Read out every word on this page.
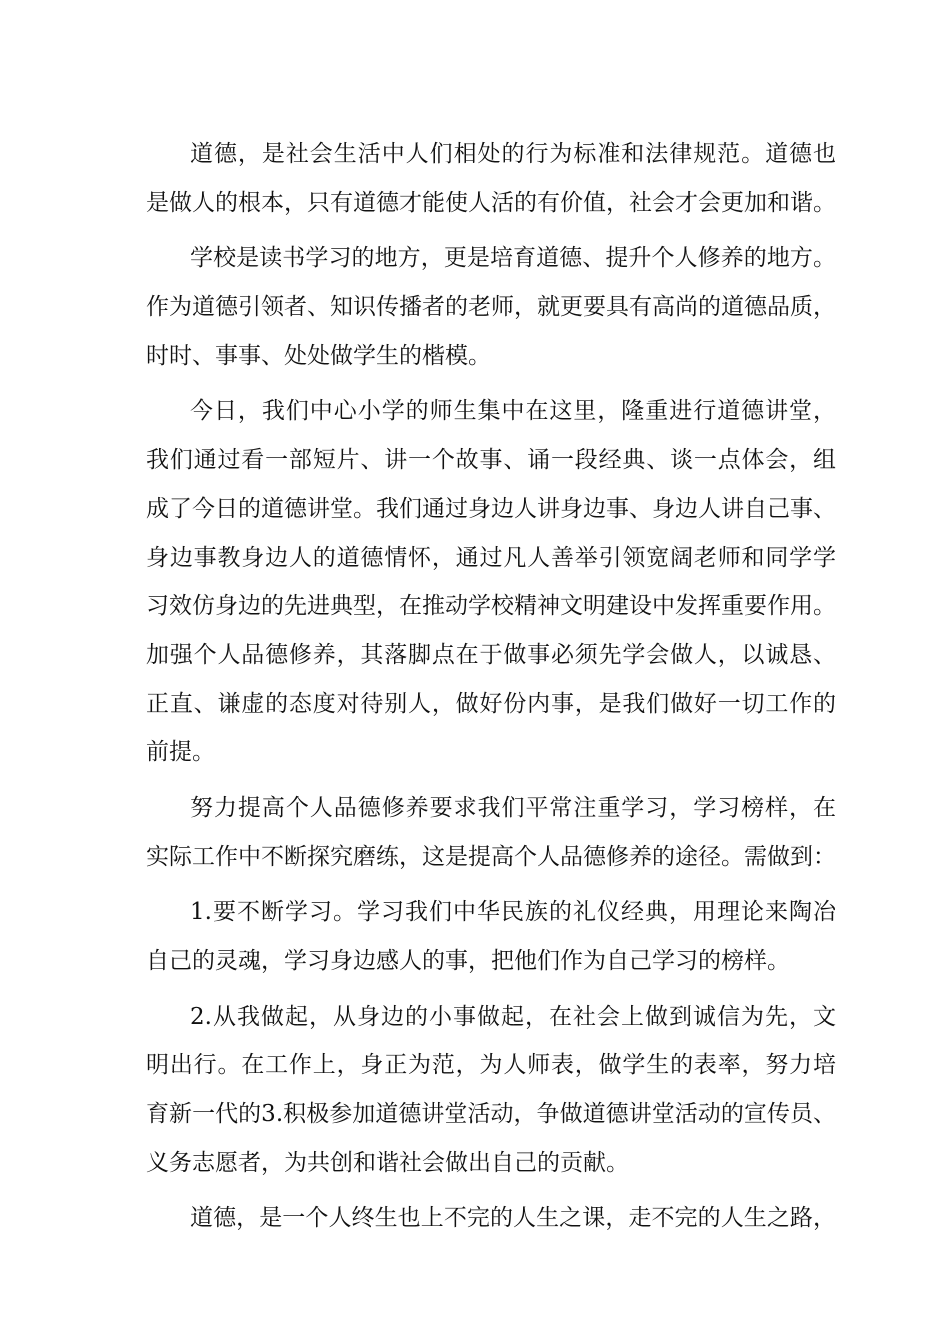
道德，是社会生活中人们相处的行为标准和法律规范。道德也
是做人的根本，只有道德才能使人活的有价值，社会才会更加和谐。
学校是读书学习的地方，更是培育道德、提升个人修养的地方。
作为道德引领者、知识传播者的老师，就更要具有高尚的道德品质，
时时、事事、处处做学生的楷模。
今日，我们中心小学的师生集中在这里，隆重进行道德讲堂，
我们通过看一部短片、讲一个故事、诵一段经典、谈一点体会，组
成了今日的道德讲堂。我们通过身边人讲身边事、身边人讲自己事、
身边事教身边人的道德情怀，通过凡人善举引领宽阔老师和同学学
习效仿身边的先进典型，在推动学校精神文明建设中发挥重要作用。
加强个人品德修养，其落脚点在于做事必须先学会做人，以诚恳、
正直、谦虚的态度对待别人，做好份内事，是我们做好一切工作的
前提。
努力提高个人品德修养要求我们平常注重学习，学习榜样，在
实际工作中不断探究磨练，这是提高个人品德修养的途径。需做到：
1.要不断学习。学习我们中华民族的礼仪经典，用理论来陶冶
自己的灵魂，学习身边感人的事，把他们作为自己学习的榜样。
2.从我做起，从身边的小事做起，在社会上做到诚信为先，文
明出行。在工作上，身正为范，为人师表，做学生的表率，努力培
育新一代的3.积极参加道德讲堂活动，争做道德讲堂活动的宣传员、
义务志愿者，为共创和谐社会做出自己的贡献。
道德，是一个人终生也上不完的人生之课，走不完的人生之路，
